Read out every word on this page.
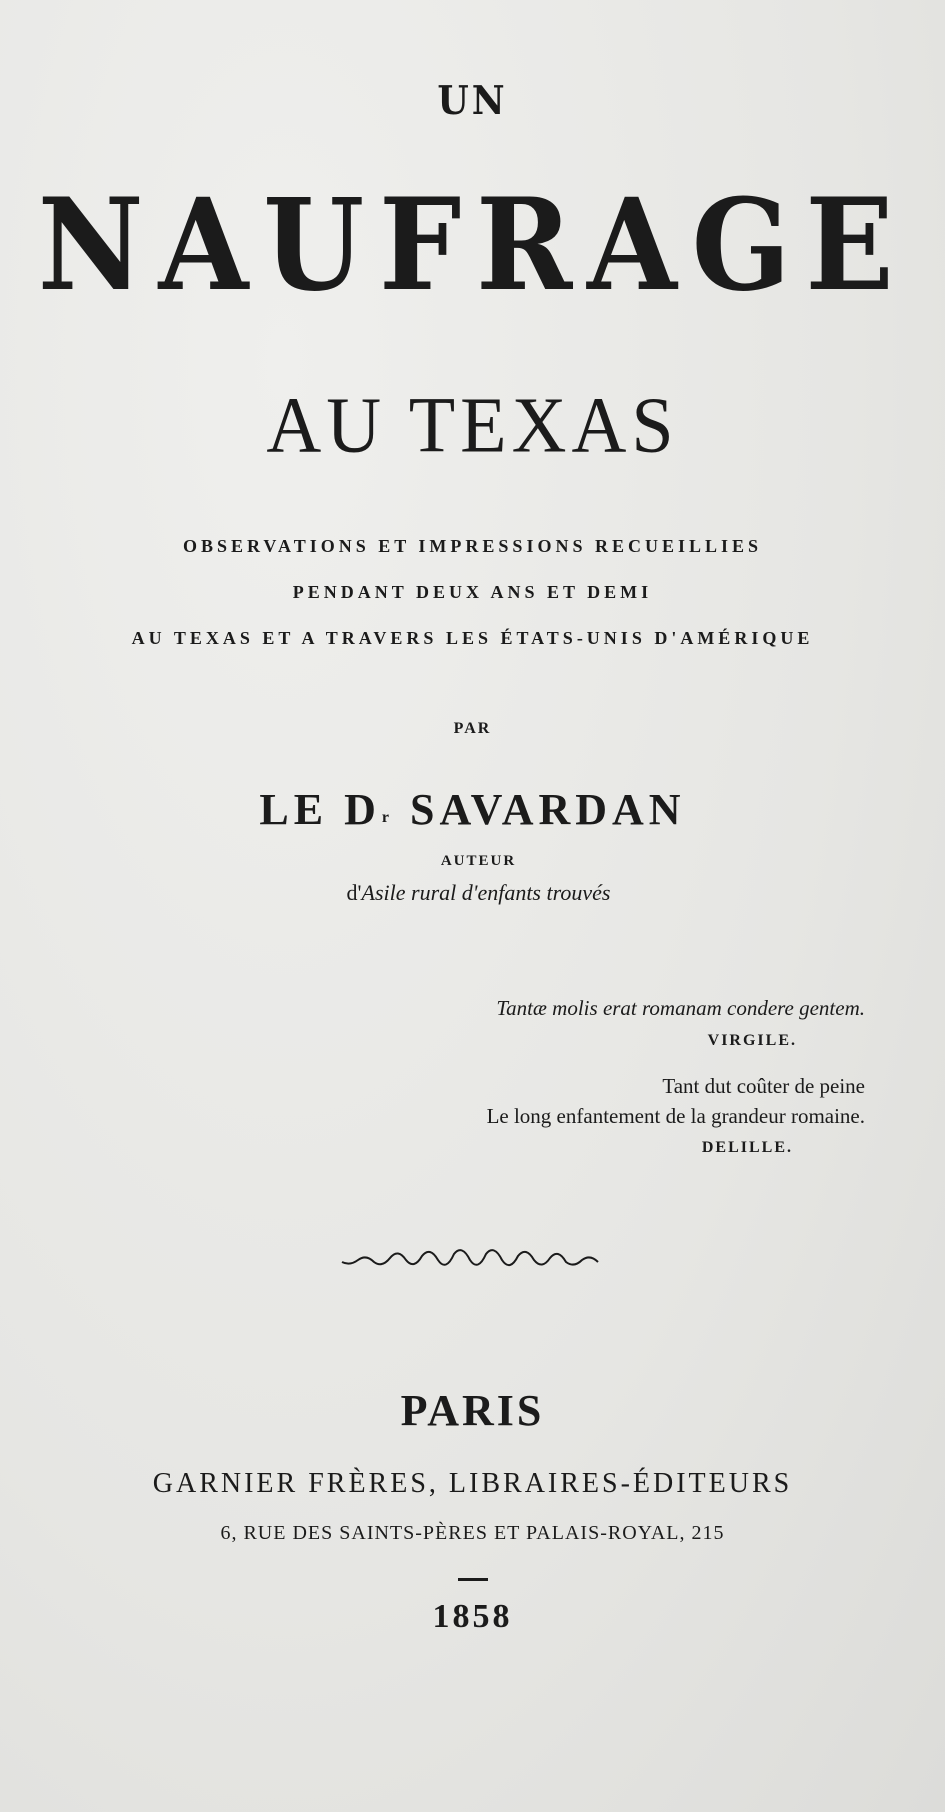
UN

NAUFRAGE

AU TEXAS

OBSERVATIONS ET IMPRESSIONS RECUEILLIES

PENDANT DEUX ANS ET DEMI

AU TEXAS ET A TRAVERS LES ÉTATS-UNIS D'AMÉRIQUE

PAR

LE $D^r$ SAVARDAN

AUTEUR

d'Asile rural d'enfants trouvés

Tantæ molis erat romanam condere gentem.

VIRGILE.

Tant dut coûter de peine

Le long enfantement de la grandeur romaine.

DELILLE.

PARIS

GARNIER FRÈRES, LIBRAIRES-ÉDITEURS

6, RUE DES SAINTS-PÈRES ET PALAIS-ROYAL, 215

1858
